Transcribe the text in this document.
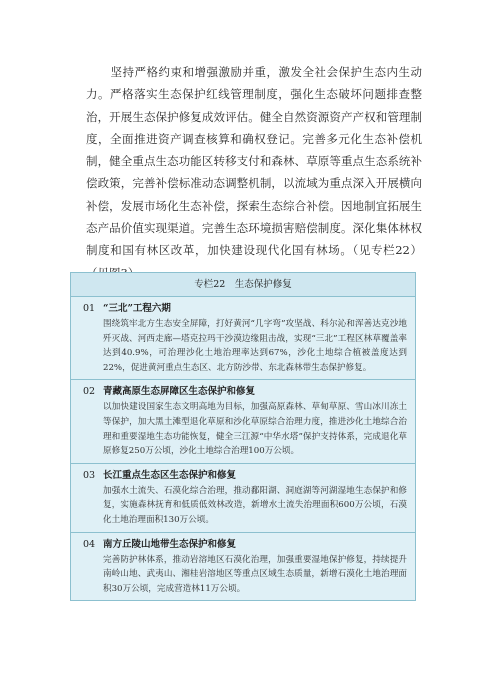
坚持严格约束和增强激励并重，激发全社会保护生态内生动力。严格落实生态保护红线管理制度，强化生态破坏问题排查整治，开展生态保护修复成效评估。健全自然资源资产产权和管理制度，全面推进资产调查核算和确权登记。完善多元化生态补偿机制，健全重点生态功能区转移支付和森林、草原等重点生态系统补偿政策，完善补偿标准动态调整机制，以流域为重点深入开展横向补偿，发展市场化生态补偿，探索生态综合补偿。因地制宜拓展生态产品价值实现渠道。完善生态环境损害赔偿制度。深化集体林权制度和国有林区改革，加快建设现代化国有林场。（见专栏22）

专栏22　生态保护修复
01 “三北”工程六期
围绕筑牢北方生态安全屏障，打好黄河“几字弯”攻坚战、科尔沁和浑善达克沙地歼灭战、河西走廊—塔克拉玛干沙漠边缘阻击战，实现“三北”工程区林草覆盖率达到40.9%，可治理沙化土地治理率达到67%，沙化土地综合植被盖度达到22%，促进黄河重点生态区、北方防沙带、东北森林带生态保护修复。
02 青藏高原生态屏障区生态保护和修复
以加快建设国家生态文明高地为目标，加强高原森林、草甸草原、雪山冰川冻土等保护，加大黑土滩型退化草原和沙化草原综合治理力度，推进沙化土地综合治理和重要湿地生态功能恢复，健全三江源“中华水塔”保护支持体系，完成退化草原修复250万公顷，沙化土地综合治理100万公顷。
03 长江重点生态区生态保护和修复
加强水土流失、石漠化综合治理，推动鄱阳湖、洞庭湖等河湖湿地生态保护和修复，实施森林抚育和低质低效林改造，新增水土流失治理面积600万公顷，石漠化土地治理面积130万公顷。
04 南方丘陵山地带生态保护和修复
完善防护林体系，推动岩溶地区石漠化治理，加强重要湿地保护修复，持续提升南岭山地、武夷山、湘桂岩溶地区等重点区域生态质量，新增石漠化土地治理面积30万公顷，完成营造林11万公顷。
